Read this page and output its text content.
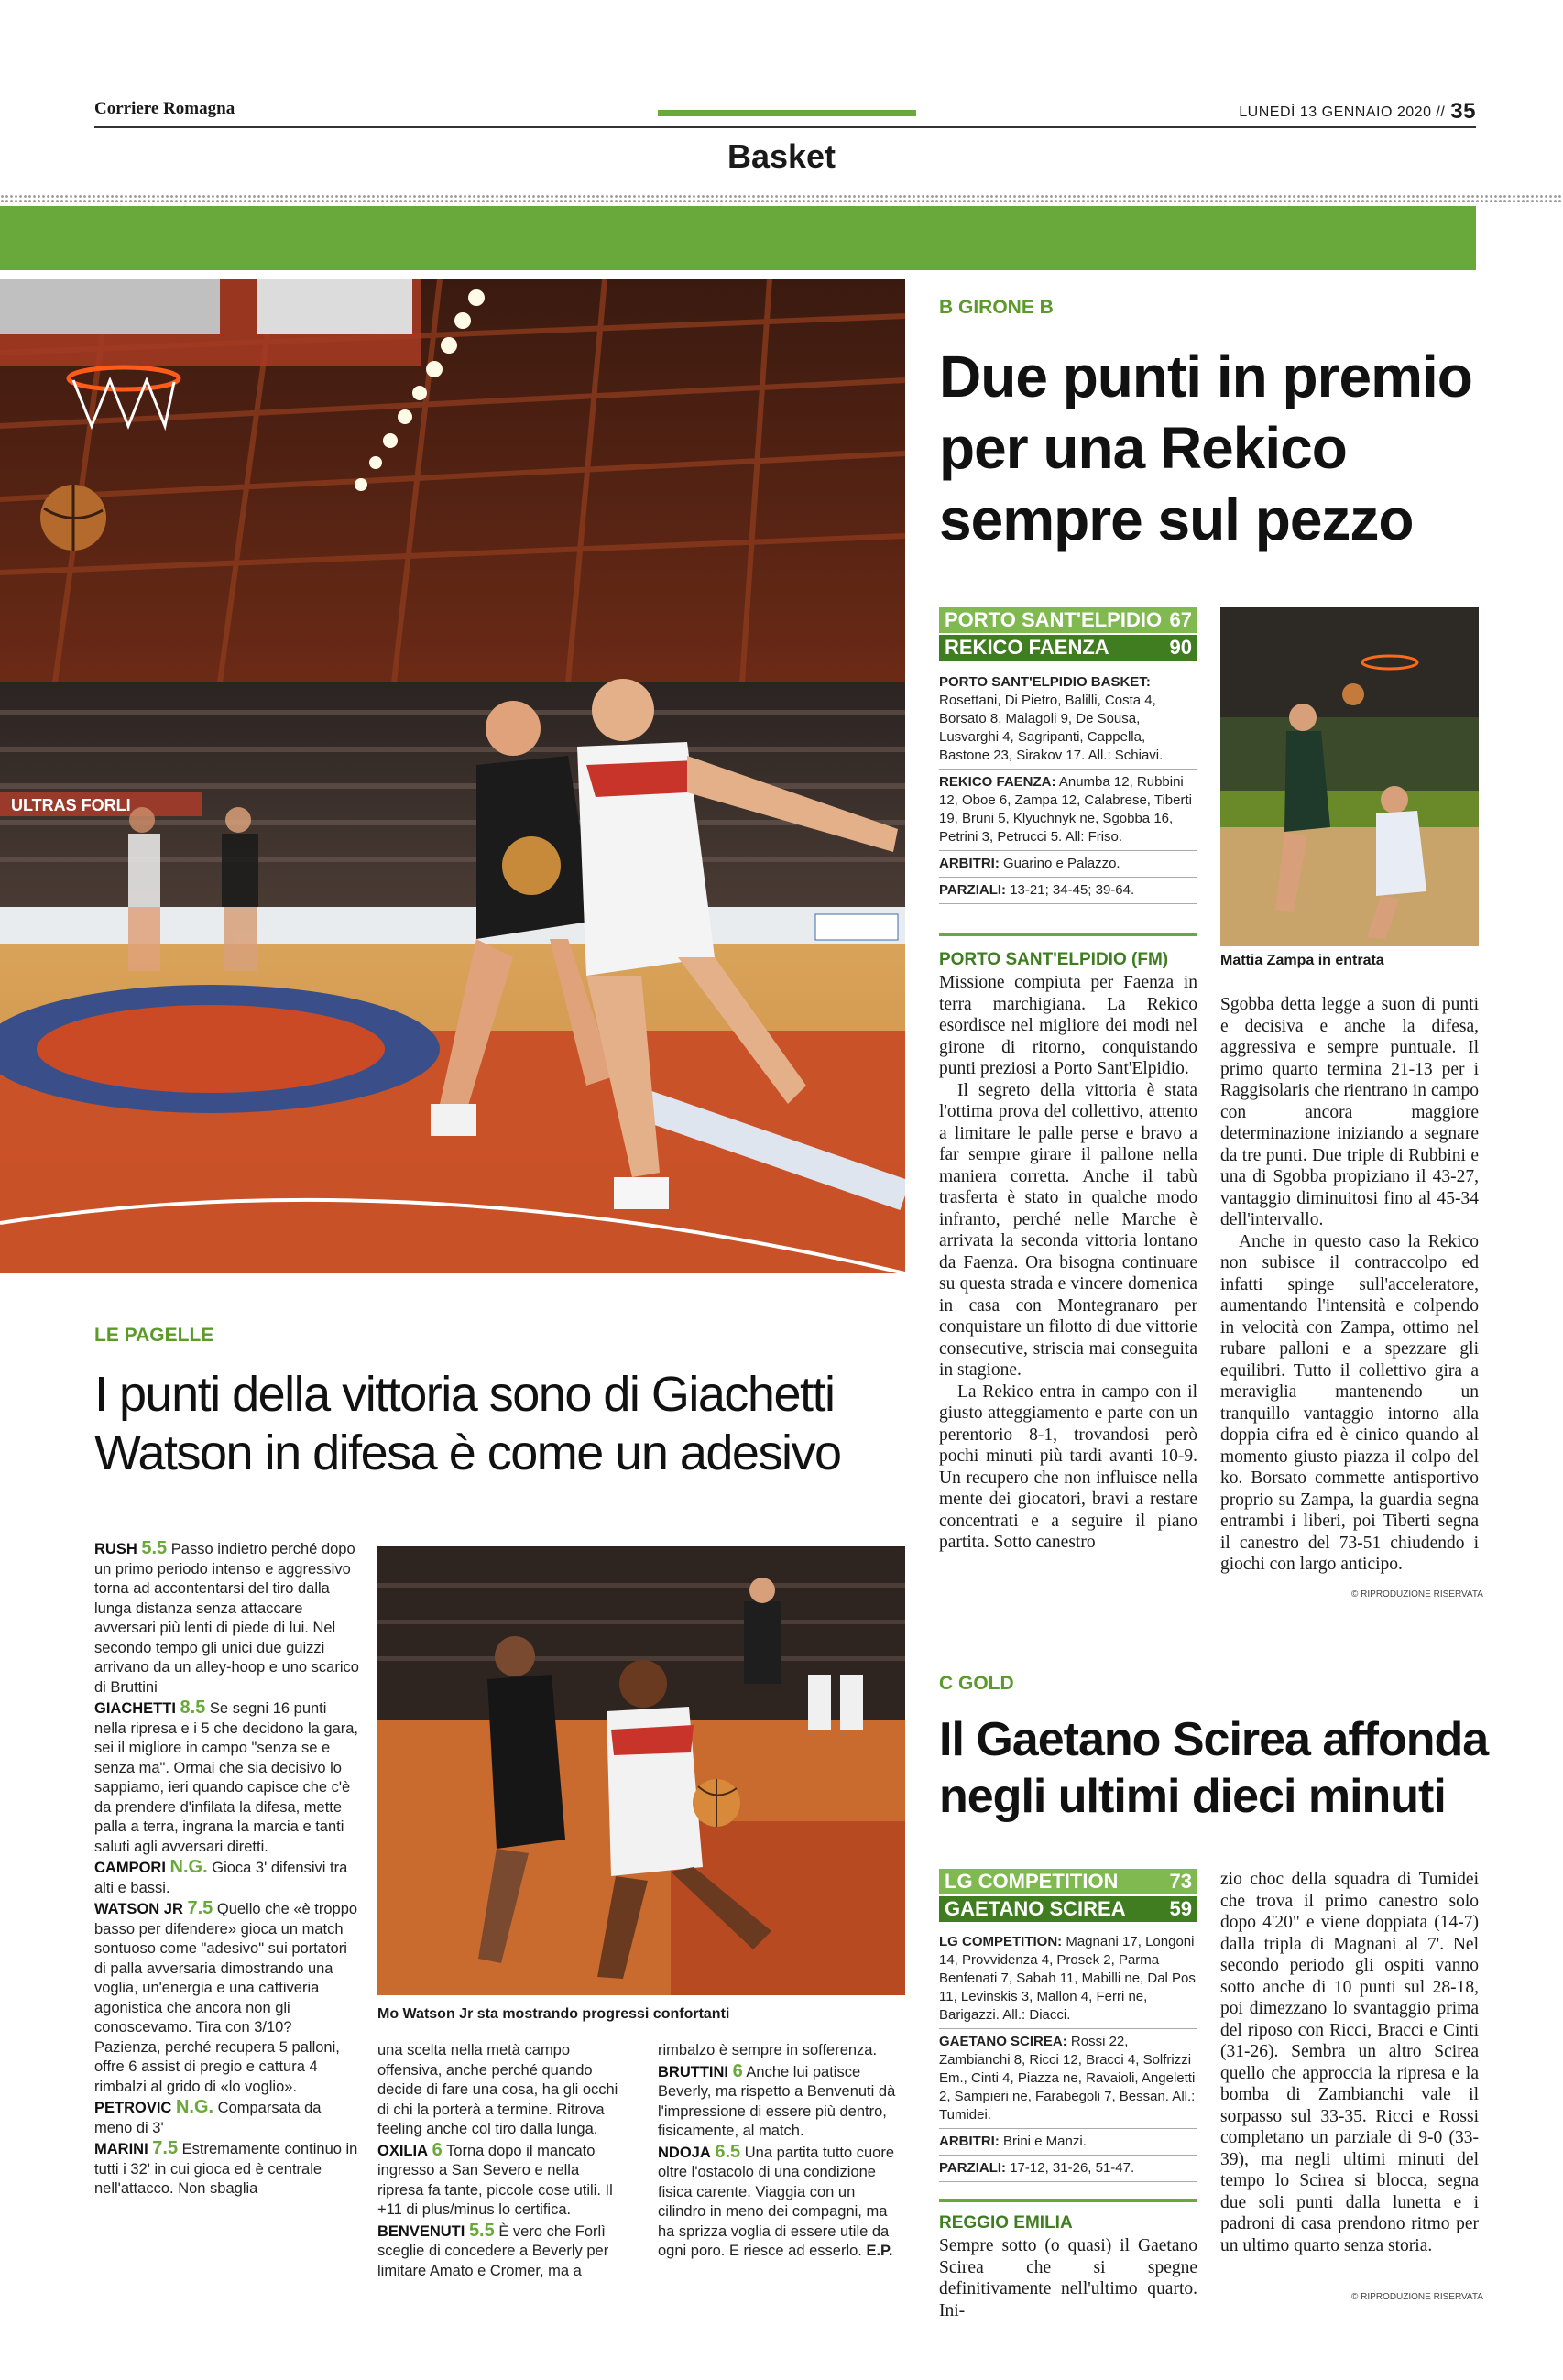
Corriere Romagna	LUNEDÌ 13 GENNAIO 2020 // 35
Basket
ULTRAS FORLI
B GIRONE B
Due punti in premio
per una Rekico
sempre sul pezzo
PORTO SANT'ELPIDIO 67
REKICO FAENZA	90

PORTO SANT'ELPIDIO BASKET: Rosettani, Di Pietro, Balilli, Costa 4, Borsato 8, Malagoli 9, De Sousa, Lusvarghi 4, Sagripanti, Cappella, Bastone 23, Sirakov 17. All.: Schiavi.

REKICO FAENZA: Anumba 12, Rubbini 12, Oboe 6, Zampa 12, Calabrese, Tiberti 19, Bruni 5, Klyuchnyk ne, Sgobba 16, Petrini 3, Petrucci 5. All: Friso.

ARBITRI: Guarino e Palazzo.

PARZIALI: 13-21; 34-45; 39-64.

Mattia Zampa in entrata
PORTO SANT'ELPIDIO (FM)

Missione compiuta per Faenza in terra marchigiana. La Rekico esordisce nel migliore dei modi nel girone di ritorno, conquistando punti preziosi a Porto Sant'Elpidio.

Il segreto della vittoria è stata l'ottima prova del collettivo, attento a limitare le palle perse e bravo a far sempre girare il pallone nella maniera corretta. Anche il tabù trasferta è stato in qualche modo infranto, perché nelle Marche è arrivata la seconda vittoria lontano da Faenza. Ora bisogna continuare su questa strada e vincere domenica in casa con Montegranaro per conquistare un filotto di due vittorie consecutive, striscia mai conseguita in stagione.

La Rekico entra in campo con il giusto atteggiamento e parte con un perentorio 8-1, trovandosi però pochi minuti più tardi avanti 10-9. Un recupero che non influisce nella mente dei giocatori, bravi a restare concentrati e a seguire il piano partita. Sotto canestro

Sgobba detta legge a suon di punti e decisiva e anche la difesa, aggressiva e sempre puntuale. Il primo quarto termina 21-13 per i Raggisolaris che rientrano in campo con ancora maggiore determinazione iniziando a segnare da tre punti. Due triple di Rubbini e una di Sgobba propiziano il 43-27, vantaggio diminuitosi fino al 45-34 dell'intervallo.

Anche in questo caso la Rekico non subisce il contraccolpo ed infatti spinge sull'acceleratore, aumentando l'intensità e colpendo in velocità con Zampa, ottimo nel rubare palloni e a spezzare gli equilibri. Tutto il collettivo gira a meraviglia mantenendo un tranquillo vantaggio intorno alla doppia cifra ed è cinico quando al momento giusto piazza il colpo del ko. Borsato commette antisportivo proprio su Zampa, la guardia segna entrambi i liberi, poi Tiberti segna il canestro del 73-51 chiudendo i giochi con largo anticipo.

© RIPRODUZIONE RISERVATA
LE PAGELLE
I punti della vittoria sono di Giachetti
Watson in difesa è come un adesivo

RUSH 5.5 Passo indietro perché dopo un primo periodo intenso e aggressivo torna ad accontentarsi del tiro dalla lunga distanza senza attaccare avversari più lenti di piede di lui. Nel secondo tempo gli unici due guizzi arrivano da un alley-hoop e uno scarico di Bruttini

GIACHETTI 8.5 Se segni 16 punti nella ripresa e i 5 che decidono la gara, sei il migliore in campo "senza se e senza ma". Ormai che sia decisivo lo sappiamo, ieri quando capisce che c'è da prendere d'infilata la difesa, mette palla a terra, ingrana la marcia e tanti saluti agli avversari diretti.

CAMPORI N.G. Gioca 3' difensivi tra alti e bassi.

WATSON JR 7.5 Quello che «è troppo basso per difendere» gioca un match sontuoso come "adesivo" sui portatori di palla avversaria dimostrando una voglia, un'energia e una cattiveria agonistica che ancora non gli conoscevamo. Tira con 3/10? Pazienza, perché recupera 5 palloni, offre 6 assist di pregio e cattura 4 rimbalzi al grido di «lo voglio».

PETROVIC N.G. Comparsata da meno di 3'

MARINI 7.5 Estremamente continuo in tutti i 32' in cui gioca ed è centrale nell'attacco. Non sbaglia

Mo Watson Jr sta mostrando progressi confortanti

una scelta nella metà campo offensiva, anche perché quando decide di fare una cosa, ha gli occhi di chi la porterà a termine. Ritrova feeling anche col tiro dalla lunga.

OXILIA 6 Torna dopo il mancato ingresso a San Severo e nella ripresa fa tante, piccole cose utili. Il +11 di plus/minus lo certifica.

BENVENUTI 5.5 È vero che Forlì sceglie di concedere a Beverly per limitare Amato e Cromer, ma a

rimbalzo è sempre in sofferenza.

BRUTTINI 6 Anche lui patisce Beverly, ma rispetto a Benvenuti dà l'impressione di essere più dentro, fisicamente, al match.

NDOJA 6.5 Una partita tutto cuore oltre l'ostacolo di una condizione fisica carente. Viaggia con un cilindro in meno dei compagni, ma ha sprizza voglia di essere utile da ogni poro. E riesce ad esserlo. E.P.

C GOLD
Il Gaetano Scirea affonda
negli ultimi dieci minuti
LG COMPETITION	73
GAETANO SCIREA 59

LG COMPETITION: Magnani 17, Longoni 14, Provvidenza 4, Prosek 2, Parma Benfenati 7, Sabah 11, Mabilli ne, Dal Pos 11, Levinskis 3, Mallon 4, Ferri ne, Barigazzi. All.: Diacci.

GAETANO SCIREA: Rossi 22, Zambianchi 8, Ricci 12, Bracci 4, Solfrizzi Em., Cinti 4, Piazza ne, Ravaioli, Angeletti 2, Sampieri ne, Farabegoli 7, Bessan. All.: Tumidei.

ARBITRI: Brini e Manzi.

PARZIALI: 17-12, 31-26, 51-47.

REGGIO EMILIA

Sempre sotto (o quasi) il Gaetano Scirea che si spegne definitivamente nell'ultimo quarto. Ini-

zio choc della squadra di Tumidei che trova il primo canestro solo dopo 4'20" e viene doppiata (14-7) dalla tripla di Magnani al 7'. Nel secondo periodo gli ospiti vanno sotto anche di 10 punti sul 28-18, poi dimezzano lo svantaggio prima del riposo con Ricci, Bracci e Cinti (31-26). Sembra un altro Scirea quello che approccia la ripresa e la bomba di Zambianchi vale il sorpasso sul 33-35. Ricci e Rossi completano un parziale di 9-0 (33-39), ma negli ultimi minuti del tempo lo Scirea si blocca, segna due soli punti dalla lunetta e i padroni di casa prendono ritmo per un ultimo quarto senza storia.

© RIPRODUZIONE RISERVATA
